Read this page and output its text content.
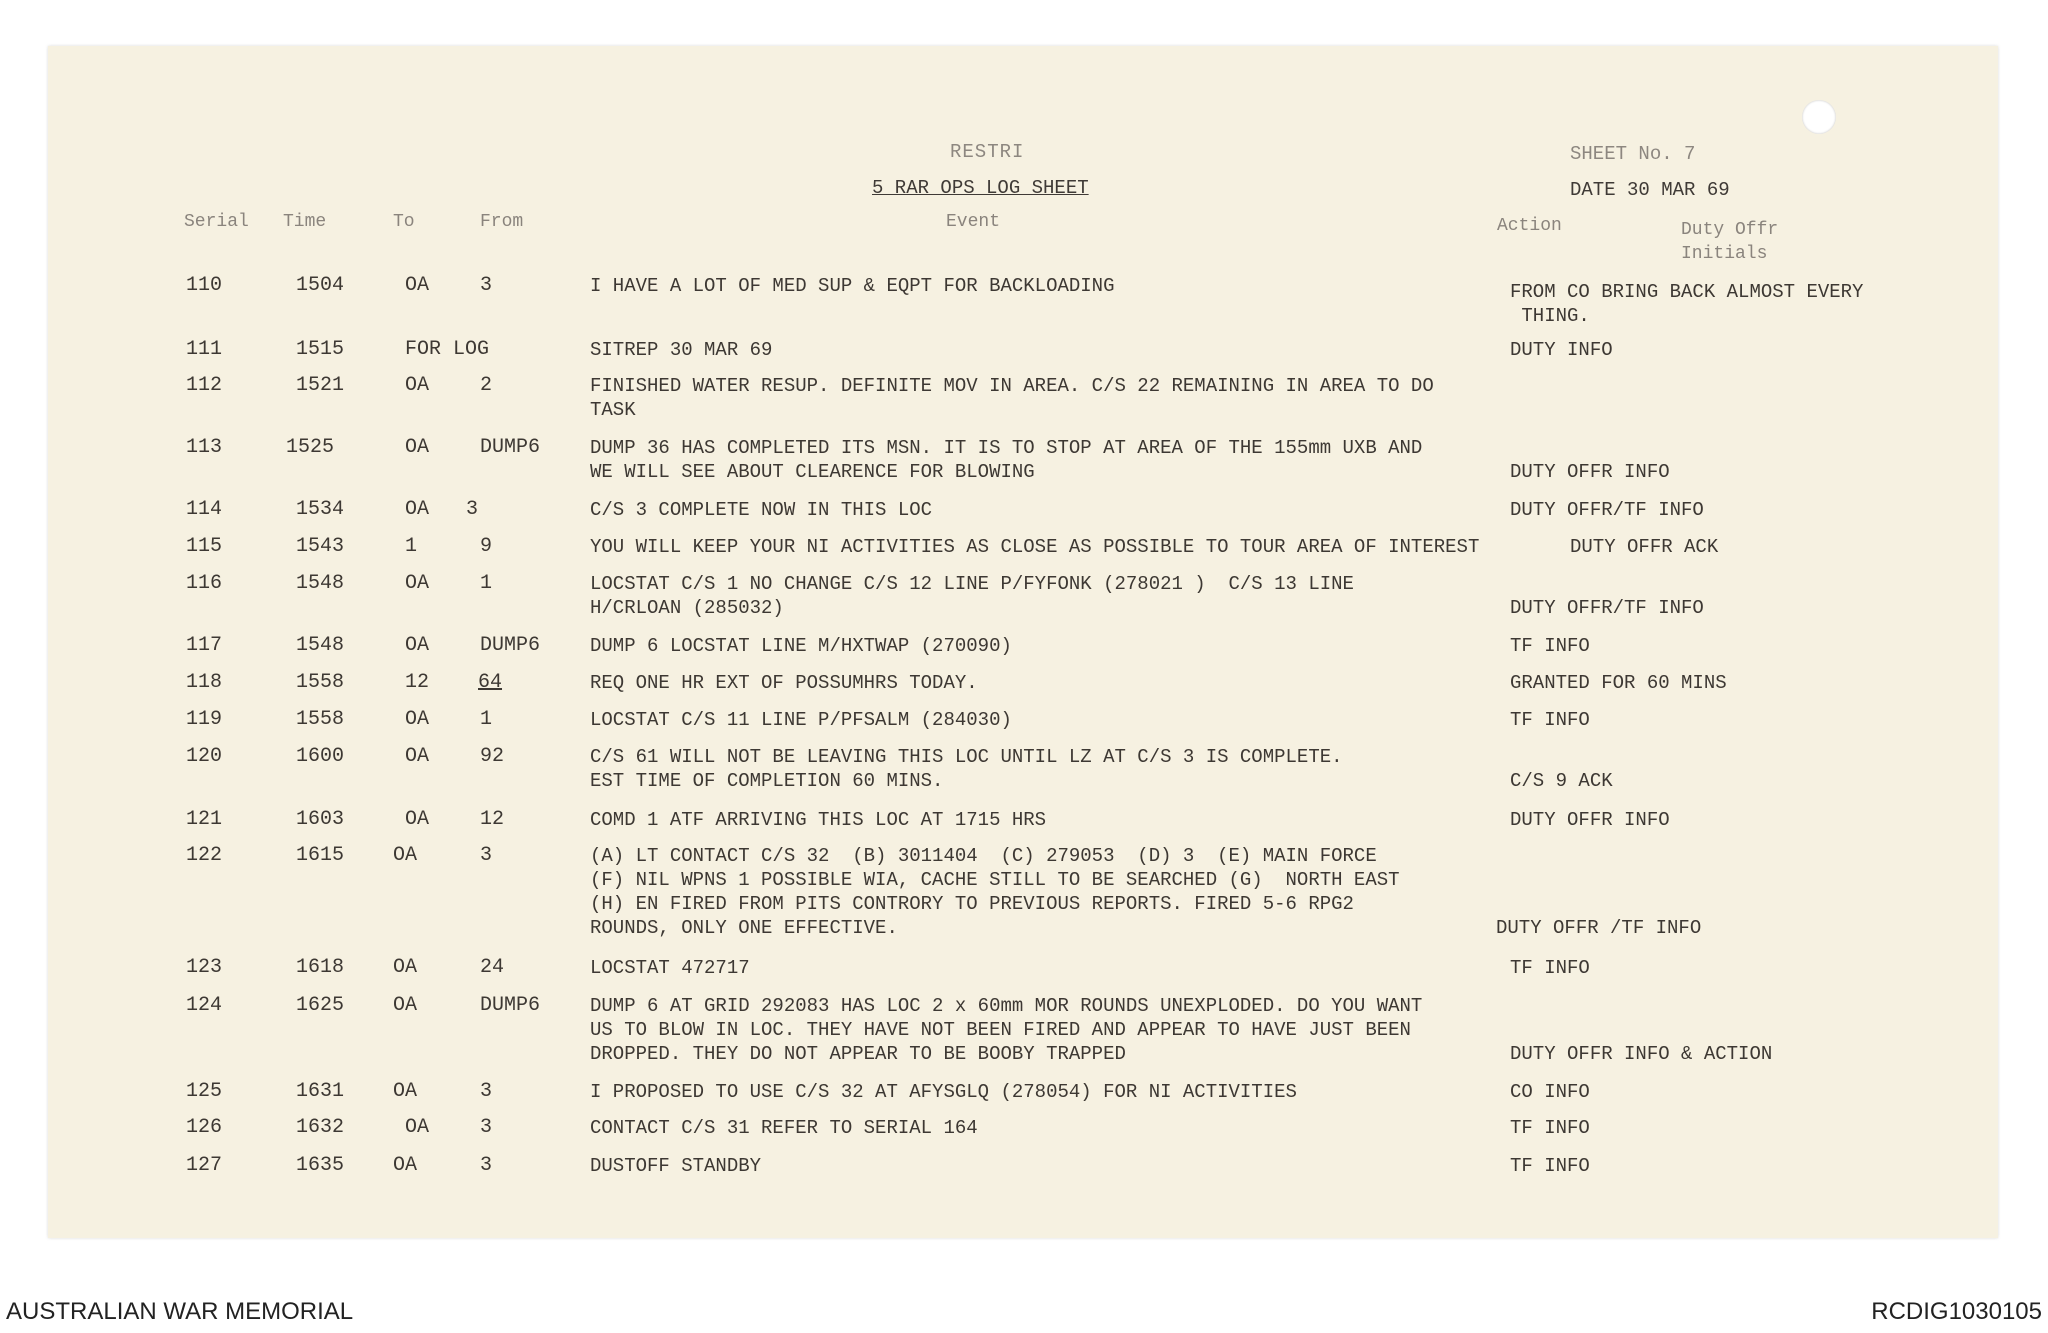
RESTRI
5 RAR OPS LOG SHEET
SHEET No. 7
DATE 30 MAR 69
Serial Time	To	From	Event	Action	Duty Offr
Initials
110	1504	OA	3	I HAVE A LOT OF MED SUP & EQPT FOR BACKLOADING	FROM CO BRING BACK ALMOST EVERY
THING.
111	1515	FOR LOG	SITREP 30 MAR 69	DUTY INFO
112	1521	OA	2	FINISHED WATER RESUP. DEFINITE MOV IN AREA. C/S 22 REMAINING IN AREA TO DO
TASK
113	1525	OA	DUMP6	DUMP 36 HAS COMPLETED ITS MSN. IT IS TO STOP AT AREA OF THE 155mm UXB AND
WE WILL SEE ABOUT CLEARENCE FOR BLOWING	DUTY OFFR INFO
114	1534	OA 3	C/S 3 COMPLETE NOW IN THIS LOC	DUTY OFFR/TF INFO
115	1543	1	9	YOU WILL KEEP YOUR NI ACTIVITIES AS CLOSE AS POSSIBLE TO TOUR AREA OF INTEREST	DUTY OFFR ACK
116	1548	OA	1	LOCSTAT C/S 1 NO CHANGE C/S 12 LINE P/FYFONK (278021 )  C/S 13 LINE
H/CRLOAN (285032)	DUTY OFFR/TF INFO
117	1548	OA	DUMP6	DUMP 6 LOCSTAT LINE M/HXTWAP (270090)	TF INFO
118	1558	12 64	REQ ONE HR EXT OF POSSUMHRS TODAY.	GRANTED FOR 60 MINS
119	1558	OA	1	LOCSTAT C/S 11 LINE P/PFSALM (284030)	TF INFO
120	1600	OA	92	C/S 61 WILL NOT BE LEAVING THIS LOC UNTIL LZ AT C/S 3 IS COMPLETE.
EST TIME OF COMPLETION 60 MINS.	C/S 9 ACK
121	1603	OA	12	COMD 1 ATF ARRIVING THIS LOC AT 1715 HRS	DUTY OFFR INFO
122	1615 OA	3	(A) LT CONTACT C/S 32  (B) 3011404  (C) 279053  (D) 3  (E) MAIN FORCE
(F) NIL WPNS 1 POSSIBLE WIA, CACHE STILL TO BE SEARCHED (G)  NORTH EAST
(H) EN FIRED FROM PITS CONTRORY TO PREVIOUS REPORTS. FIRED 5-6 RPG2
ROUNDS, ONLY ONE EFFECTIVE.	DUTY OFFR /TF INFO
123	1618 OA	24	LOCSTAT 472717	TF INFO
124	1625 OA	DUMP6	DUMP 6 AT GRID 292083 HAS LOC 2 x 60mm MOR ROUNDS UNEXPLODED. DO YOU WANT
US TO BLOW IN LOC. THEY HAVE NOT BEEN FIRED AND APPEAR TO HAVE JUST BEEN
DROPPED. THEY DO NOT APPEAR TO BE BOOBY TRAPPED	DUTY OFFR INFO & ACTION
125	1631 OA	3	I PROPOSED TO USE C/S 32 AT AFYSGLQ (278054) FOR NI ACTIVITIES	CO INFO
126	1632	OA	3	CONTACT C/S 31 REFER TO SERIAL 164	TF INFO
127	1635 OA	3	DUSTOFF STANDBY	TF INFO
AUSTRALIAN WAR MEMORIAL	RCDIG1030105
